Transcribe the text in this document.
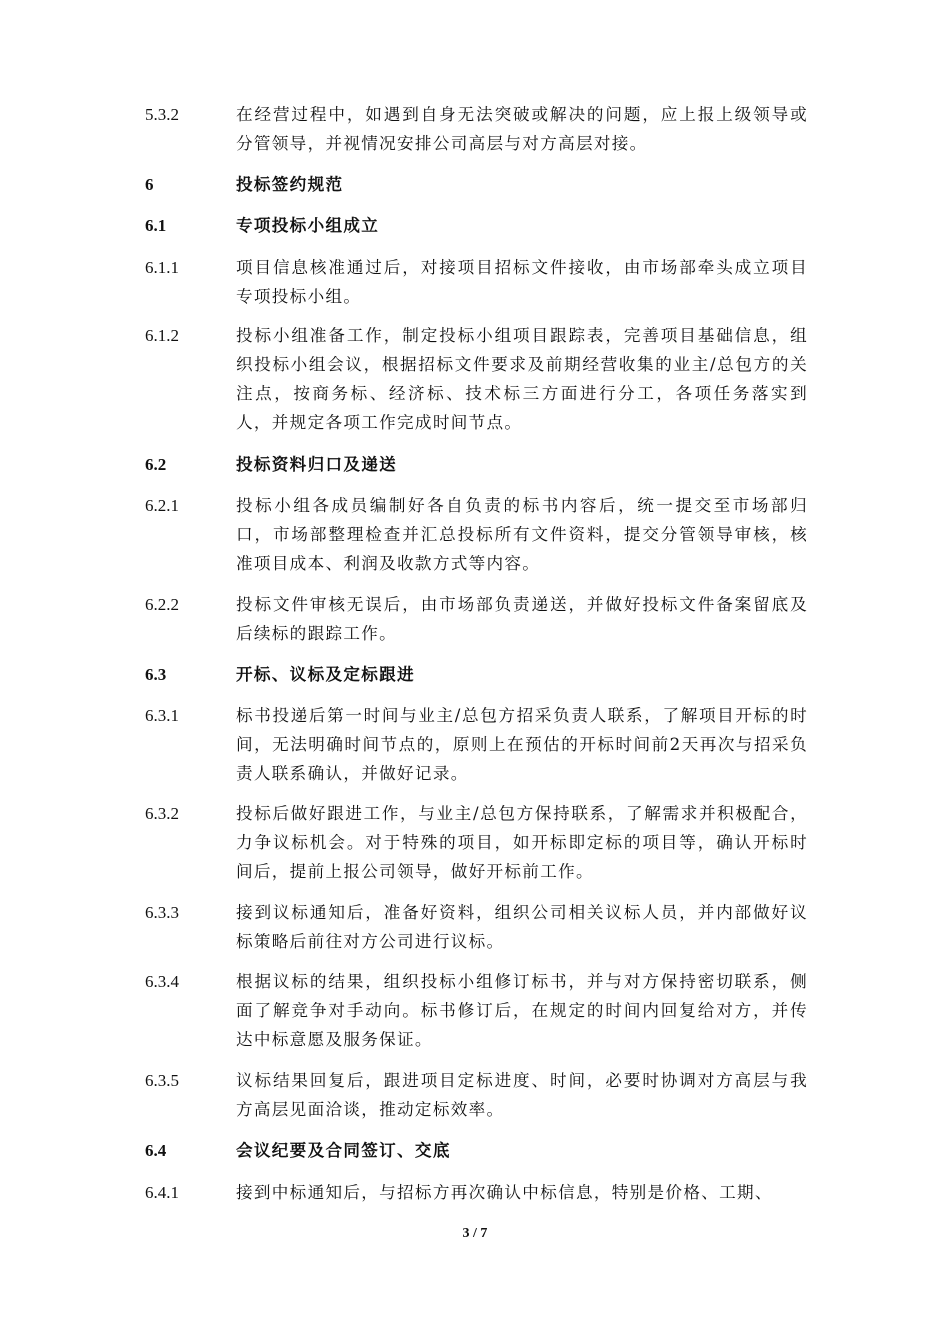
5.3.2	在经营过程中，如遇到自身无法突破或解决的问题，应上报上级领导或分管领导，并视情况安排公司高层与对方高层对接。
6	投标签约规范
6.1	专项投标小组成立
6.1.1	项目信息核准通过后，对接项目招标文件接收，由市场部牵头成立项目专项投标小组。
6.1.2	投标小组准备工作，制定投标小组项目跟踪表，完善项目基础信息，组织投标小组会议，根据招标文件要求及前期经营收集的业主/总包方的关注点，按商务标、经济标、技术标三方面进行分工，各项任务落实到人，并规定各项工作完成时间节点。
6.2	投标资料归口及递送
6.2.1	投标小组各成员编制好各自负责的标书内容后，统一提交至市场部归口，市场部整理检查并汇总投标所有文件资料，提交分管领导审核，核准项目成本、利润及收款方式等内容。
6.2.2	投标文件审核无误后，由市场部负责递送，并做好投标文件备案留底及后续标的跟踪工作。
6.3	开标、议标及定标跟进
6.3.1	标书投递后第一时间与业主/总包方招采负责人联系，了解项目开标的时间，无法明确时间节点的，原则上在预估的开标时间前2天再次与招采负责人联系确认，并做好记录。
6.3.2	投标后做好跟进工作，与业主/总包方保持联系，了解需求并积极配合，力争议标机会。对于特殊的项目，如开标即定标的项目等，确认开标时间后，提前上报公司领导，做好开标前工作。
6.3.3	接到议标通知后，准备好资料，组织公司相关议标人员，并内部做好议标策略后前往对方公司进行议标。
6.3.4	根据议标的结果，组织投标小组修订标书，并与对方保持密切联系，侧面了解竞争对手动向。标书修订后，在规定的时间内回复给对方，并传达中标意愿及服务保证。
6.3.5	议标结果回复后，跟进项目定标进度、时间，必要时协调对方高层与我方高层见面洽谈，推动定标效率。
6.4	会议纪要及合同签订、交底
6.4.1	接到中标通知后，与招标方再次确认中标信息，特别是价格、工期、
3 / 7
